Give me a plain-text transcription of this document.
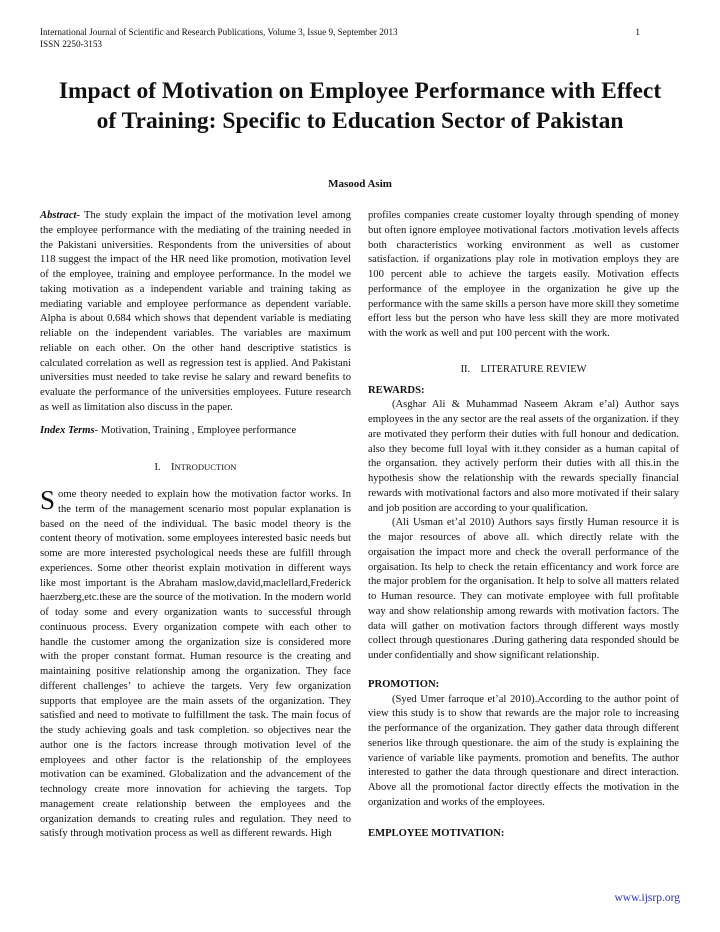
International Journal of Scientific and Research Publications, Volume 3, Issue 9, September 2013
ISSN 2250-3153
1
Impact of Motivation on Employee Performance with Effect of Training: Specific to Education Sector of Pakistan
Masood Asim

Abstract- The study explain the impact of the motivation level among the employee performance with the mediating of the training needed in the Pakistani universities. Respondents from the universities of about 118 suggest the impact of the HR need like promotion, motivation level of the employee, training and employee performance. In the model we taking motivation as a independent variable and training taking as mediating variable and employee performance as dependent variable. Alpha is about 0.684 which shows that dependent variable is mediating reliable on the independent variables. The variables are maximum reliable on each other. On the other hand descriptive statistics is calculated correlation as well as regression test is applied. And Pakistani universities must needed to take revise he salary and reward benefits to evaluate the performance of the universities employees. Future research as well as limitation also discuss in the paper.

Index Terms- Motivation, Training , Employee performance

I. INTRODUCTION

Some theory needed to explain how the motivation factor works. In the term of the management scenario most popular explanation is based on the need of the individual. The basic model theory is the content theory of motivation. some employees interested basic needs but some are more interested psychological needs these are fulfill through experiences. Some other theorist explain motivation in different ways like most important is the Abraham maslow,david,maclellard,Frederick haerzberg,etc.these are the source of the motivation. In the modern world of today some and every organization wants to successful through continuous process. Every organization compete with each other to handle the customer among the organization size is considered more with the proper constant format. Human resource is the creating and maintaining positive relationship among the organization. They face different challenges’ to achieve the targets. Very few organization supports that employee are the main assets of the organization. They satisfied and need to motivate to fulfillment the task. The main focus of the study achieving goals and task completion. so objectives near the author one is the factors increase through motivation level of the employees and other factor is the relationship of the employees motivation can be examined. Globalization and the advancement of the technology create more innovation for achieving the targets. Top management create relationship between the employees and the organization demands to creating rules and regulation. They need to satisfy through motivation process as well as different rewards. High

profiles companies create customer loyalty through spending of money but often ignore employee motivational factors .motivation levels affects both characteristics working environment as well as customer satisfaction. if organizations play role in motivation employs they are 100 percent able to achieve the targets easily. Motivation effects performance of the employee in the organization he give up the performance with the same skills a person have more skill they sometime effort less but the person who have less skill they are more motivated with the work as well and put 100 percent with the work.

II.    LITERATURE REVIEW

REWARDS:

(Asghar Ali & Muhammad Naseem Akram e’al) Author says employees in the any sector are the real assets of the organization. if they are motivated they perform their duties with full honour and dedication. also they become full loyal with it.they consider as a human capital of the organsation. they actively perform their duties with all this.in the hypothesis show the relationship with the rewards specially financial rewards with motivational factors and also more motivated if their salary and job position are according to your qualification.

(Ali Usman et’al 2010) Authors says firstly Human resource it is the major resources of above all. which directly relate with the orgaisation the impact more and check the overall performance of the orgaisation. Its help to check the retain efficentancy and work force are the major problem for the organisation. It help to solve all matters related to Human resource. They can motivate employee with full profitable way and show relationship among rewards with motivation factors. The data will gather on motivation factors through different ways mostly collect through questionares .During gathering data responded should be under confidentially and show significant relationship.

PROMOTION:

(Syed Umer farroque et’al 2010).According to the author point of view this study is to show that rewards are the major role to increasing the performance of the organization. They gather data through different senerios like through questionare. the aim of the study is explaining the varience of variable like payments. promotion and benefits. The author interested to gather the data through questionare and direct interaction. Above all the promotional factor directly effects the motivation in the organization and works of the employees.

EMPLOYEE MOTIVATION:

www.ijsrp.org
